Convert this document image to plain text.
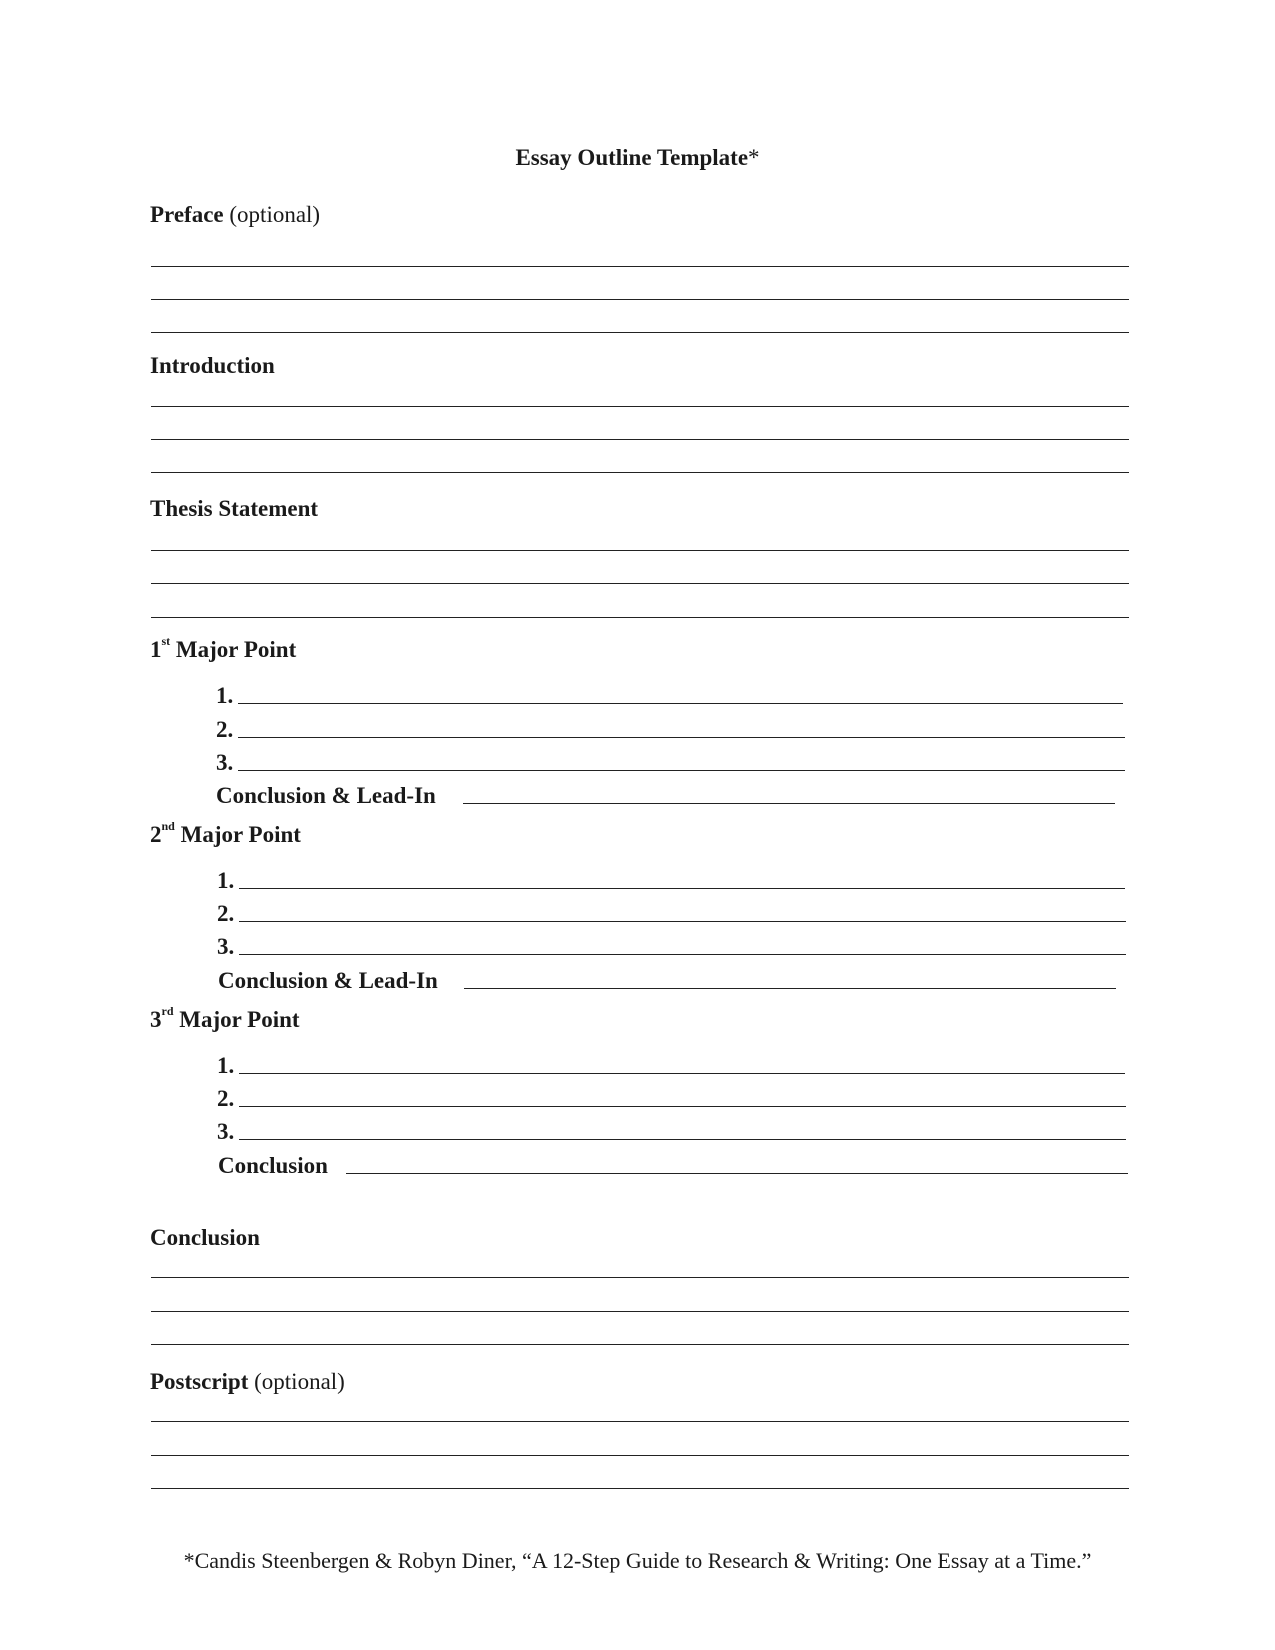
Essay Outline Template*
Preface (optional)
Introduction
Thesis Statement
1st Major Point
1.
2.
3.
Conclusion & Lead-In
2nd Major Point
1.
2.
3.
Conclusion & Lead-In
3rd Major Point
1.
2.
3.
Conclusion
Conclusion
Postscript (optional)
*Candis Steenbergen & Robyn Diner, “A 12-Step Guide to Research & Writing: One Essay at a Time.”
